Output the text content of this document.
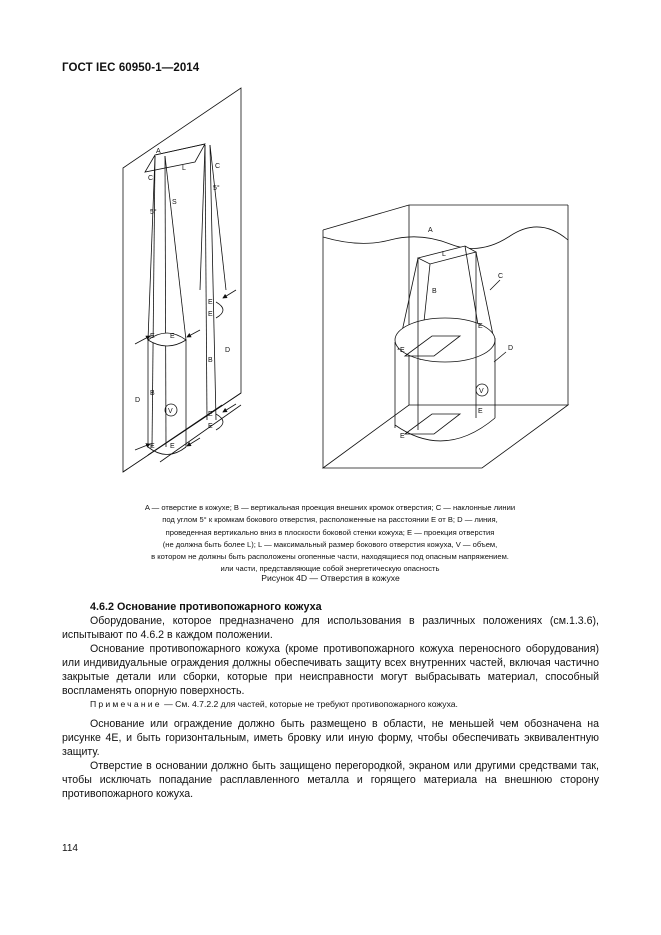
ГОСТ IEC 60950-1—2014
A
C
C
L
S
5°
5°
E
E
E E
D
B
B
D
V	E
E
E E
A
L
C
B
E
E	D
V
E
E
A — отверстие в кожухе; B — вертикальная проекция внешних кромок отверстия; C — наклонные линии
под углом 5° к кромкам бокового отверстия, расположенные на расстоянии E от B; D — линия,
проведенная вертикально вниз в плоскости боковой стенки кожуха; E — проекция отверстия
(не должна быть более L); L — максимальный размер бокового отверстия кожуха, V — объем,
в котором не должны быть расположены огопенные части, находящиеся под опасным напряжением.
или части, представляющие собой энергетическую опасность
Рисунок 4D — Отверстия в кожухе
4.6.2 Основание противопожарного кожуха
Оборудование, которое предназначено для использования в различных положениях (см.1.3.6), испытывают по 4.6.2 в каждом положении.
Основание противопожарного кожуха (кроме противопожарного кожуха переносного оборудования) или индивидуальные ограждения должны обеспечивать защиту всех внутренних частей, включая частично закрытые детали или сборки, которые при неисправности могут выбрасывать материал, способный воспламенять опорную поверхность.
Примечание — См. 4.7.2.2 для частей, которые не требуют противопожарного кожуха.
Основание или ограждение должно быть размещено в области, не меньшей чем обозначена на рисунке 4E, и быть горизонтальным, иметь бровку или иную форму, чтобы обеспечивать эквивалентную защиту.
Отверстие в основании должно быть защищено перегородкой, экраном или другими средствами так, чтобы исключать попадание расплавленного металла и горящего материала на внешнюю сторону противопожарного кожуха.
114
